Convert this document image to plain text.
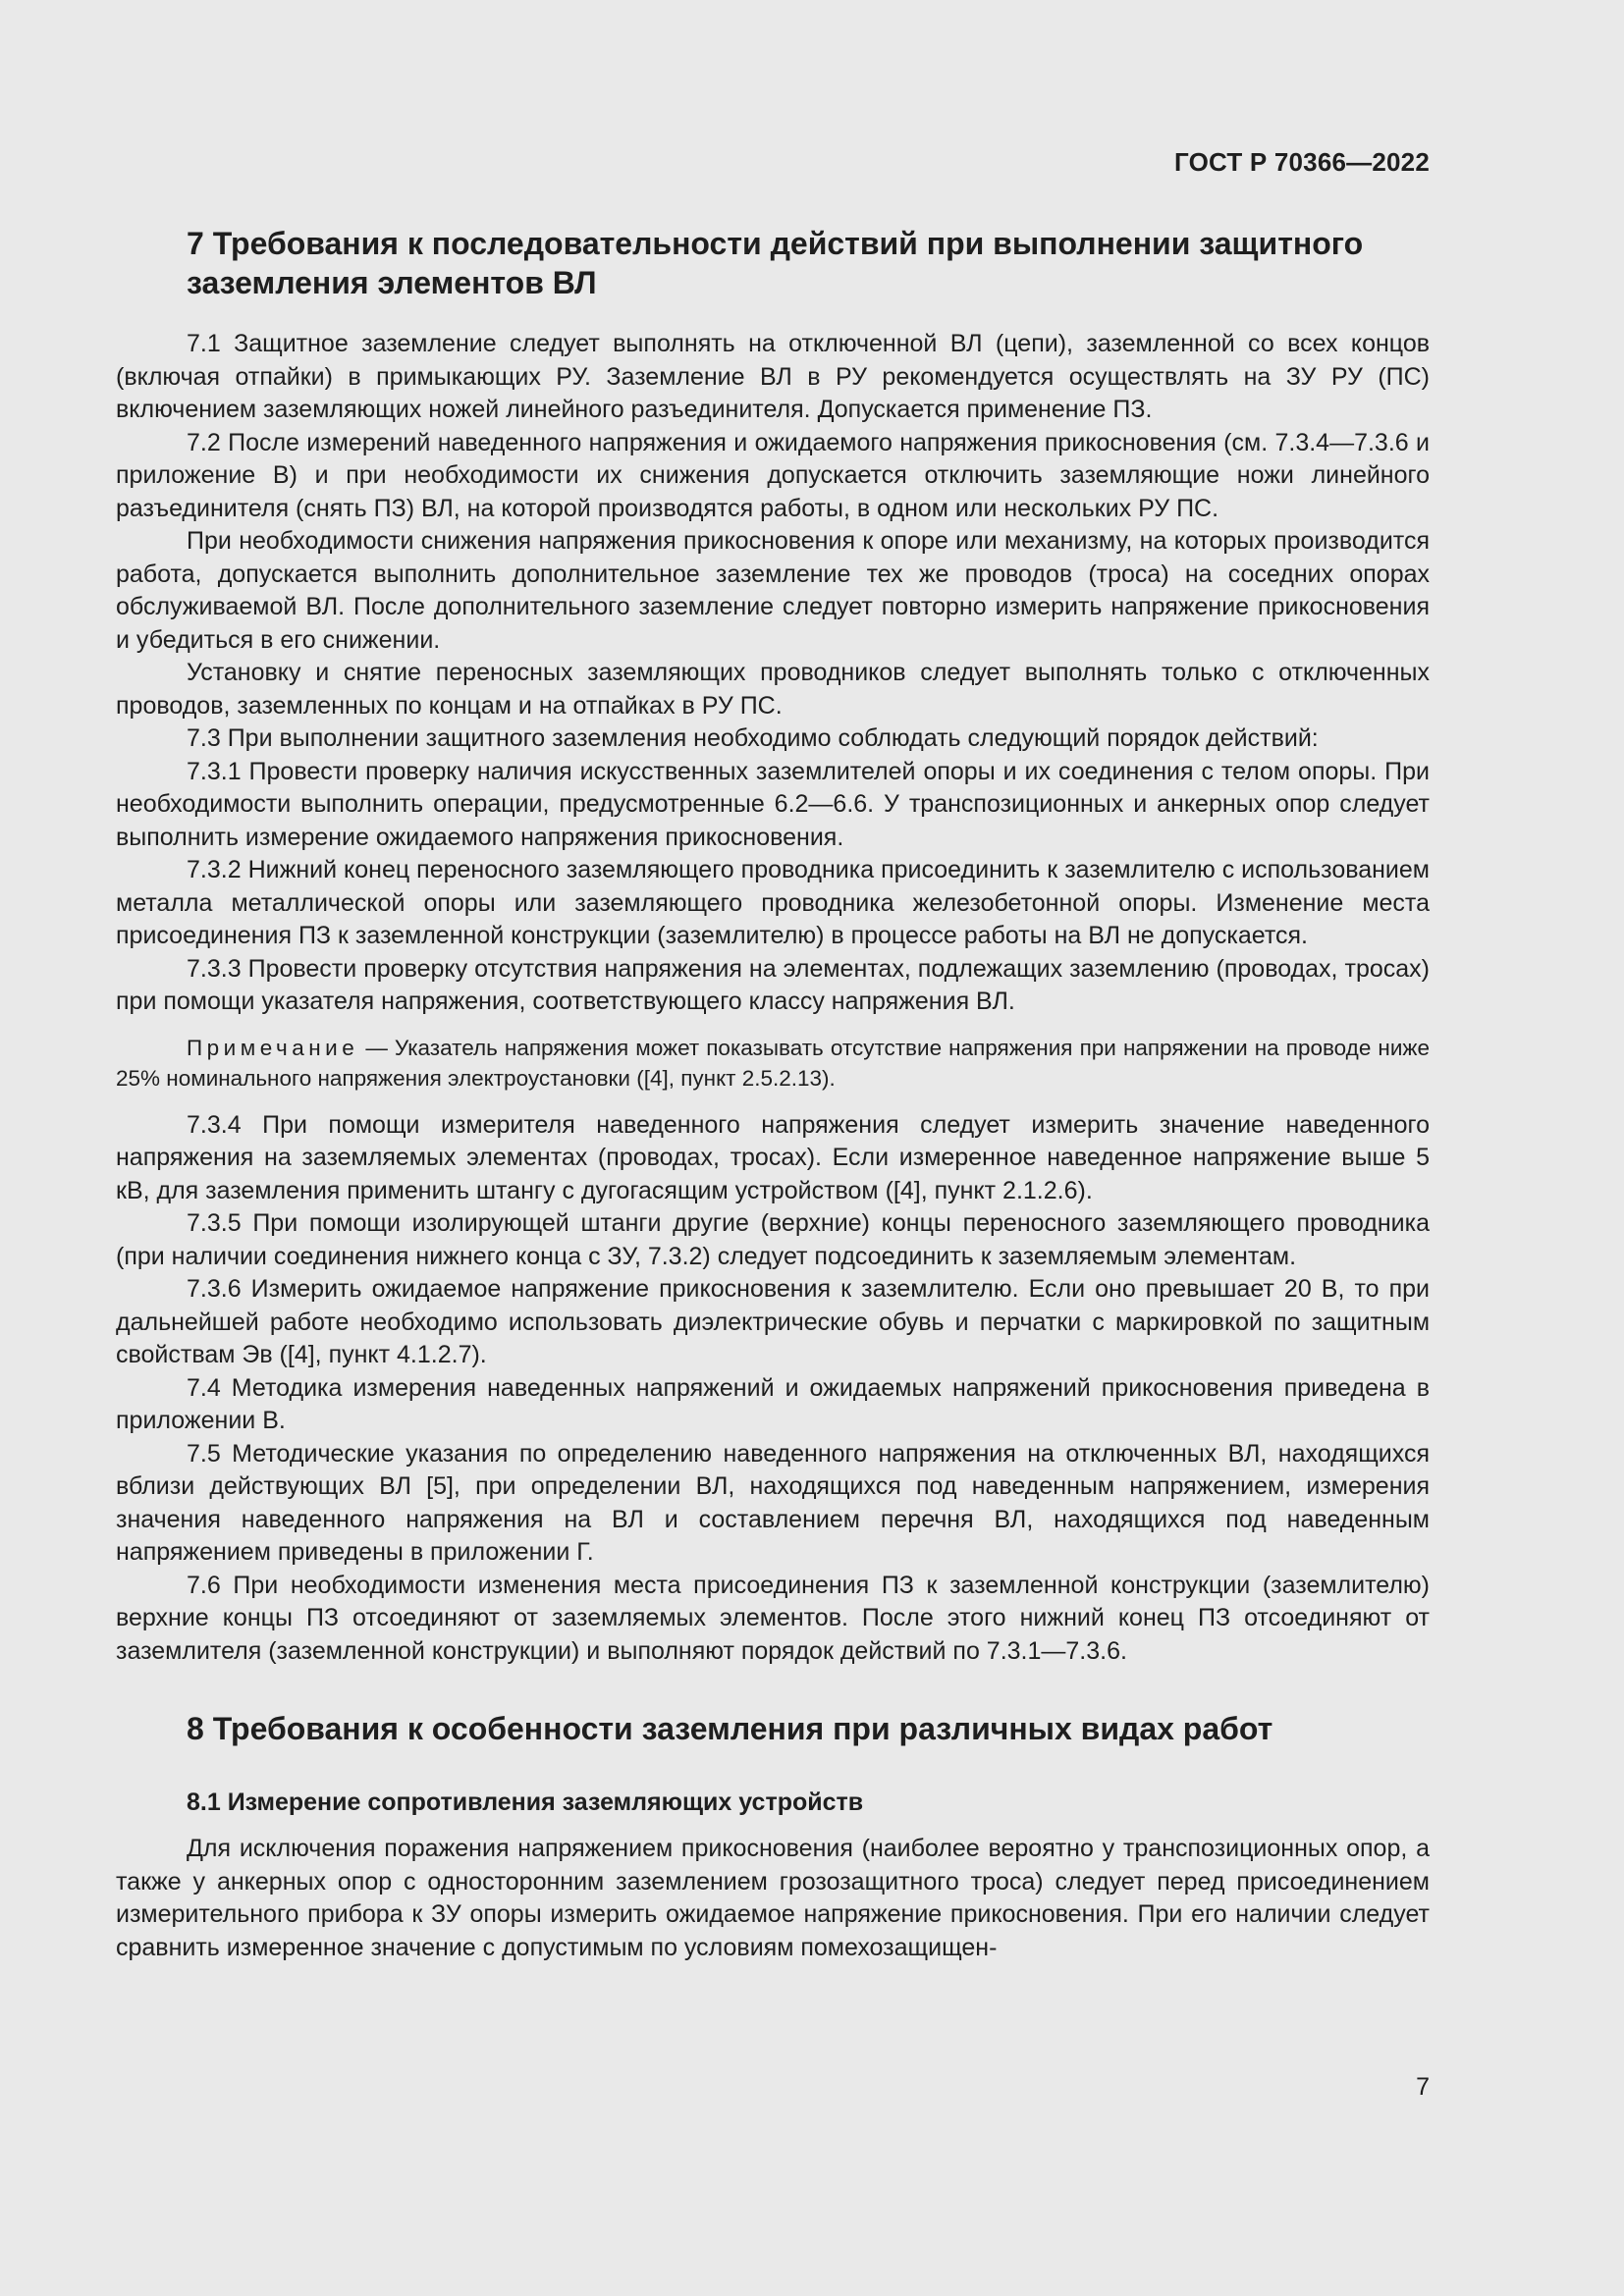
ГОСТ Р 70366—2022
7 Требования к последовательности действий при выполнении защитного заземления элементов ВЛ

7.1 Защитное заземление следует выполнять на отключенной ВЛ (цепи), заземленной со всех концов (включая отпайки) в примыкающих РУ. Заземление ВЛ в РУ рекомендуется осуществлять на ЗУ РУ (ПС) включением заземляющих ножей линейного разъединителя. Допускается применение ПЗ.

7.2 После измерений наведенного напряжения и ожидаемого напряжения прикосновения (см. 7.3.4—7.3.6 и приложение В) и при необходимости их снижения допускается отключить заземляющие ножи линейного разъединителя (снять ПЗ) ВЛ, на которой производятся работы, в одном или нескольких РУ ПС.

При необходимости снижения напряжения прикосновения к опоре или механизму, на которых производится работа, допускается выполнить дополнительное заземление тех же проводов (троса) на соседних опорах обслуживаемой ВЛ. После дополнительного заземление следует повторно измерить напряжение прикосновения и убедиться в его снижении.

Установку и снятие переносных заземляющих проводников следует выполнять только с отключенных проводов, заземленных по концам и на отпайках в РУ ПС.

7.3 При выполнении защитного заземления необходимо соблюдать следующий порядок действий:

7.3.1 Провести проверку наличия искусственных заземлителей опоры и их соединения с телом опоры. При необходимости выполнить операции, предусмотренные 6.2—6.6. У транспозиционных и анкерных опор следует выполнить измерение ожидаемого напряжения прикосновения.

7.3.2 Нижний конец переносного заземляющего проводника присоединить к заземлителю с использованием металла металлической опоры или заземляющего проводника железобетонной опоры. Изменение места присоединения ПЗ к заземленной конструкции (заземлителю) в процессе работы на ВЛ не допускается.

7.3.3 Провести проверку отсутствия напряжения на элементах, подлежащих заземлению (проводах, тросах) при помощи указателя напряжения, соответствующего классу напряжения ВЛ.

Примечание — Указатель напряжения может показывать отсутствие напряжения при напряжении на проводе ниже 25% номинального напряжения электроустановки ([4], пункт 2.5.2.13).

7.3.4 При помощи измерителя наведенного напряжения следует измерить значение наведенного напряжения на заземляемых элементах (проводах, тросах). Если измеренное наведенное напряжение выше 5 кВ, для заземления применить штангу с дугогасящим устройством ([4], пункт 2.1.2.6).

7.3.5 При помощи изолирующей штанги другие (верхние) концы переносного заземляющего проводника (при наличии соединения нижнего конца с ЗУ, 7.3.2) следует подсоединить к заземляемым элементам.

7.3.6 Измерить ожидаемое напряжение прикосновения к заземлителю. Если оно превышает 20 В, то при дальнейшей работе необходимо использовать диэлектрические обувь и перчатки с маркировкой по защитным свойствам Эв ([4], пункт 4.1.2.7).

7.4 Методика измерения наведенных напряжений и ожидаемых напряжений прикосновения приведена в приложении В.

7.5 Методические указания по определению наведенного напряжения на отключенных ВЛ, находящихся вблизи действующих ВЛ [5], при определении ВЛ, находящихся под наведенным напряжением, измерения значения наведенного напряжения на ВЛ и составлением перечня ВЛ, находящихся под наведенным напряжением приведены в приложении Г.

7.6 При необходимости изменения места присоединения ПЗ к заземленной конструкции (заземлителю) верхние концы ПЗ отсоединяют от заземляемых элементов. После этого нижний конец ПЗ отсоединяют от заземлителя (заземленной конструкции) и выполняют порядок действий по 7.3.1—7.3.6.

8 Требования к особенности заземления при различных видах работ
8.1 Измерение сопротивления заземляющих устройств

Для исключения поражения напряжением прикосновения (наиболее вероятно у транспозиционных опор, а также у анкерных опор с односторонним заземлением грозозащитного троса) следует перед присоединением измерительного прибора к ЗУ опоры измерить ожидаемое напряжение прикосновения. При его наличии следует сравнить измеренное значение с допустимым по условиям помехозащищен-

7
